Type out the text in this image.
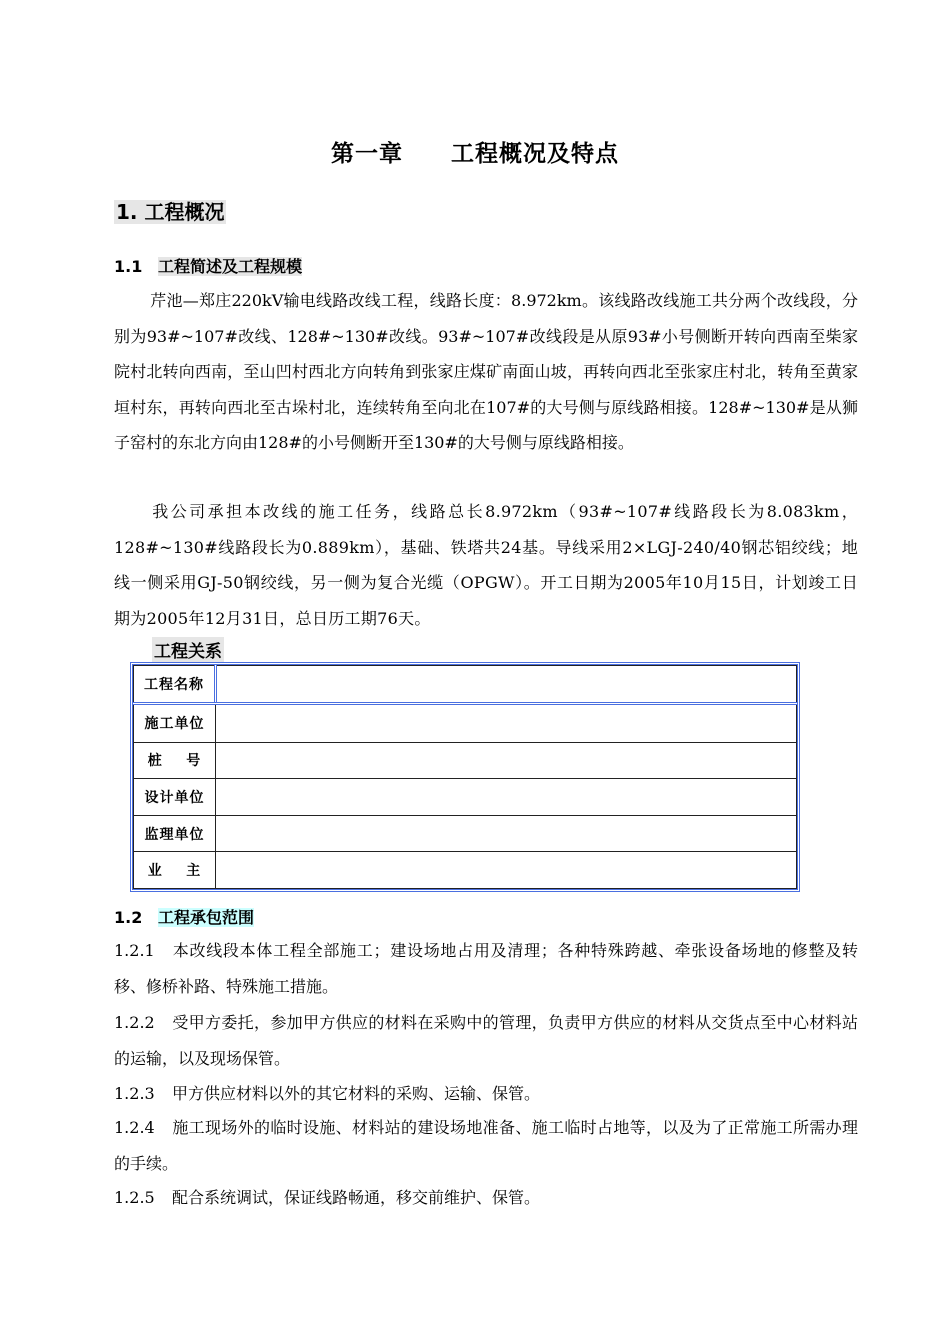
第一章 工程概况及特点
1. 工程概况
1.1 工程简述及工程规模
芹池—郑庄220kV输电线路改线工程，线路长度：8.972km。该线路改线施工共分两个改线段，分别为93#~107#改线、128#~130#改线。93#~107#改线段是从原93#小号侧断开转向西南至柴家院村北转向西南，至山凹村西北方向转角到张家庄煤矿南面山坡，再转向西北至张家庄村北，转角至黄家垣村东，再转向西北至古垛村北，连续转角至向北在107#的大号侧与原线路相接。128#~130#是从狮子窑村的东北方向由128#的小号侧断开至130#的大号侧与原线路相接。
我公司承担本改线的施工任务，线路总长8.972km（93#~107#线路段长为8.083km，128#~130#线路段长为0.889km），基础、铁塔共24基。导线采用2×LGJ-240/40钢芯铝绞线；地线一侧采用GJ-50钢绞线，另一侧为复合光缆（OPGW）。开工日期为2005年10月15日，计划竣工日期为2005年12月31日，总日历工期76天。
工程关系
工程名称	
施工单位	
桩    号	
设计单位	
监理单位	
业    主	
1.2 工程承包范围
1.2.1 本改线段本体工程全部施工；建设场地占用及清理；各种特殊跨越、牵张设备场地的修整及转移、修桥补路、特殊施工措施。
1.2.2 受甲方委托，参加甲方供应的材料在采购中的管理，负责甲方供应的材料从交货点至中心材料站的运输，以及现场保管。
1.2.3 甲方供应材料以外的其它材料的采购、运输、保管。
1.2.4 施工现场外的临时设施、材料站的建设场地准备、施工临时占地等，以及为了正常施工所需办理的手续。
1.2.5 配合系统调试，保证线路畅通，移交前维护、保管。
